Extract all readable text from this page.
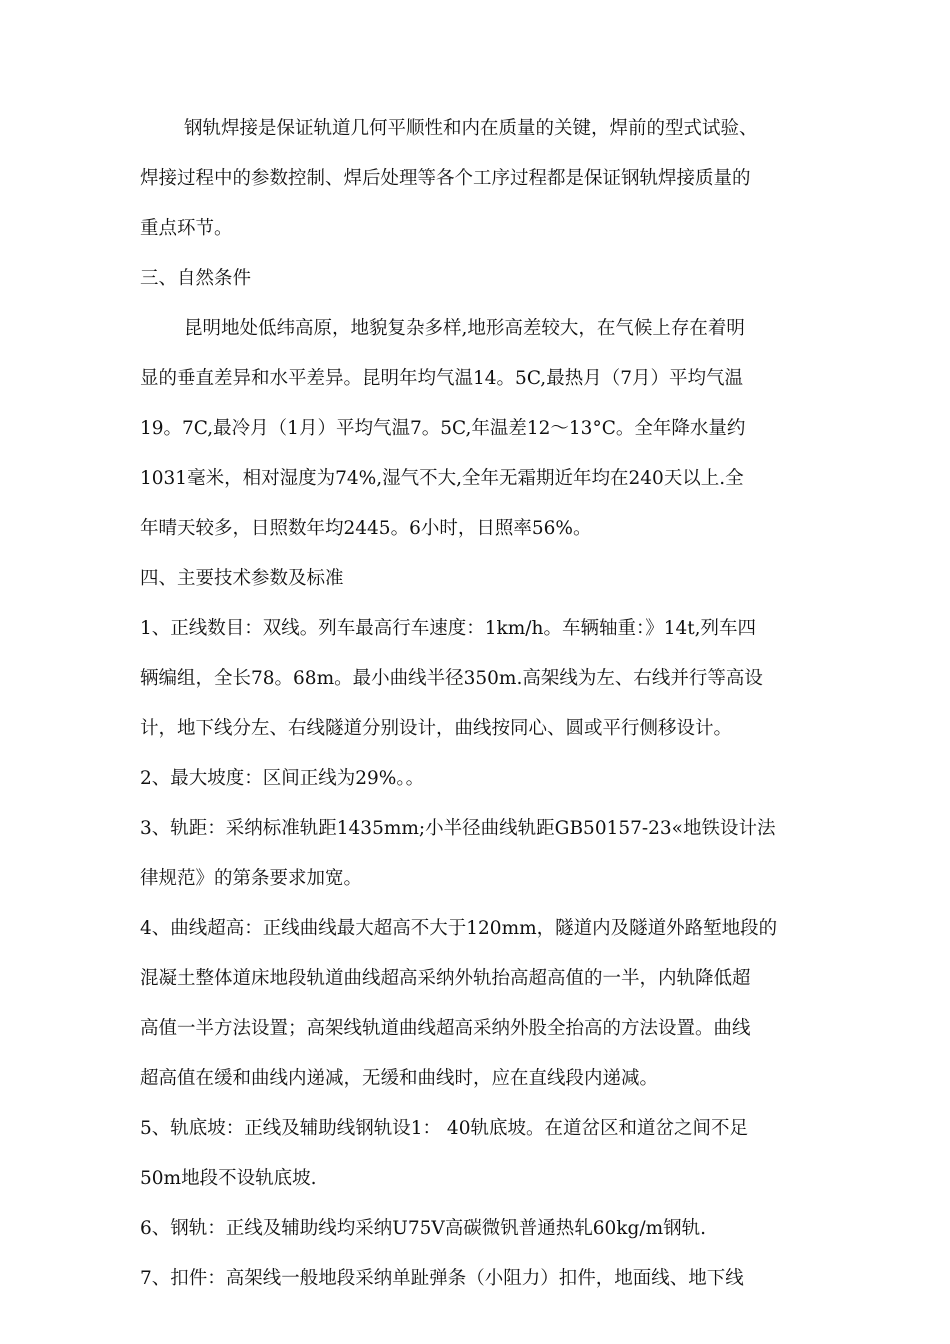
钢轨焊接是保证轨道几何平顺性和内在质量的关键，焊前的型式试验、
焊接过程中的参数控制、焊后处理等各个工序过程都是保证钢轨焊接质量的
重点环节。
三、自然条件
昆明地处低纬高原，地貌复杂多样,地形高差较大，在气候上存在着明
显的垂直差异和水平差异。昆明年均气温14。5C,最热月（7月）平均气温
19。7C,最冷月（1月）平均气温7。5C,年温差12〜13°C。全年降水量约
1031毫米，相对湿度为74%,湿气不大,全年无霜期近年均在240天以上.全
年晴天较多，日照数年均2445。6小时，日照率56%。
四、主要技术参数及标准
1、正线数目：双线。列车最高行车速度：1km/h。车辆轴重：》14t,列车四
辆编组，全长78。68m。最小曲线半径350m.高架线为左、右线并行等高设
计，地下线分左、右线隧道分别设计，曲线按同心、圆或平行侧移设计。
2、最大坡度：区间正线为29%。。
3、轨距：采纳标准轨距1435mm;小半径曲线轨距GB50157-23«地铁设计法
律规范》的第条要求加宽。
4、曲线超高：正线曲线最大超高不大于120mm，隧道内及隧道外路堑地段的
混凝土整体道床地段轨道曲线超高采纳外轨抬高超高值的一半，内轨降低超
高值一半方法设置；高架线轨道曲线超高采纳外股全抬高的方法设置。曲线
超高值在缓和曲线内递减，无缓和曲线时，应在直线段内递减。
5、轨底坡：正线及辅助线钢轨设1： 40轨底坡。在道岔区和道岔之间不足
50m地段不设轨底坡.
6、钢轨：正线及辅助线均采纳U75V高碳微钒普通热轧60kg/m钢轨.
7、扣件：高架线一般地段采纳单趾弹条（小阻力）扣件，地面线、地下线
